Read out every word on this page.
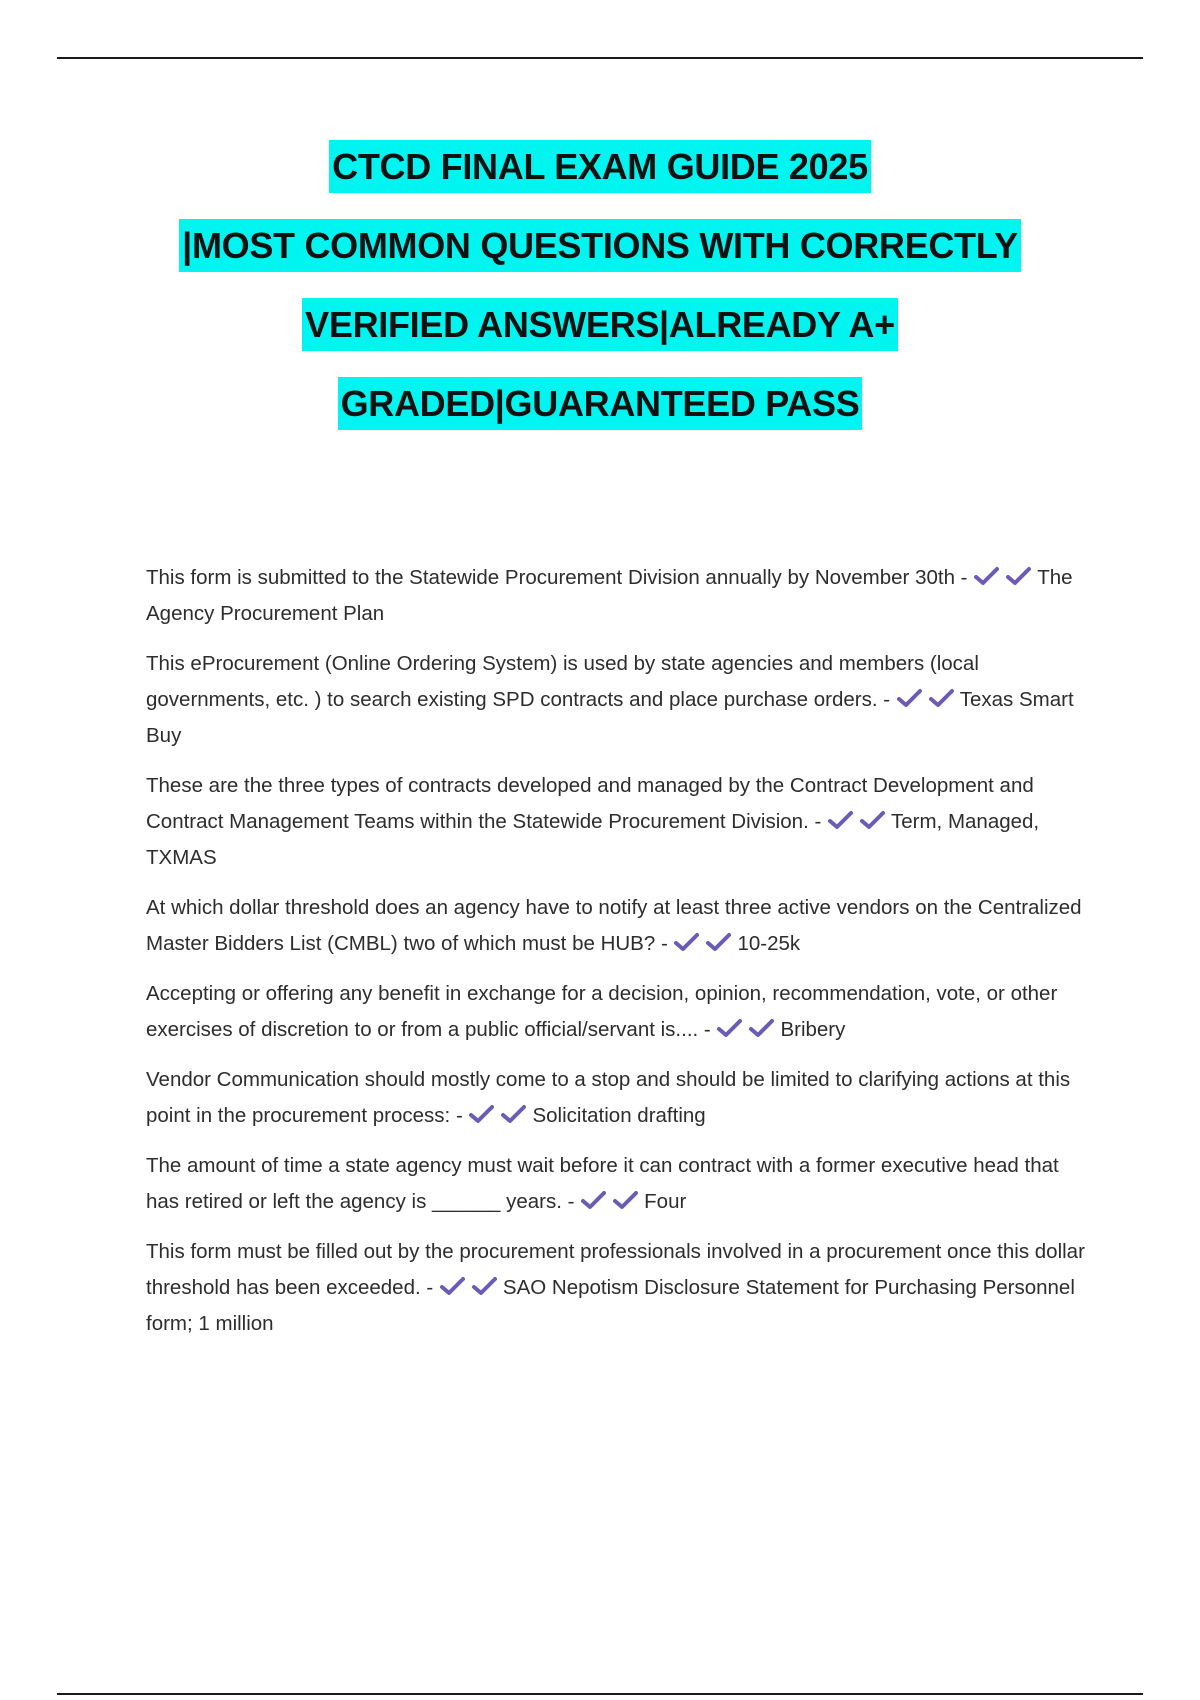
CTCD FINAL EXAM GUIDE 2025
|MOST COMMON QUESTIONS WITH CORRECTLY
VERIFIED ANSWERS|ALREADY A+
GRADED|GUARANTEED PASS

This form is submitted to the Statewide Procurement Division annually by November 30th -	The Agency Procurement Plan

This eProcurement (Online Ordering System) is used by state agencies and members (local governments, etc. ) to search existing SPD contracts and place purchase orders. -	Texas Smart Buy

These are the three types of contracts developed and managed by the Contract Development and Contract Management Teams within the Statewide Procurement Division. -	Term, Managed, TXMAS

At which dollar threshold does an agency have to notify at least three active vendors on the Centralized Master Bidders List (CMBL) two of which must be HUB? -	10-25k

Accepting or offering any benefit in exchange for a decision, opinion, recommendation, vote, or other exercises of discretion to or from a public official/servant is.... -	Bribery

Vendor Communication should mostly come to a stop and should be limited to clarifying actions at this point in the procurement process: -	Solicitation drafting

The amount of time a state agency must wait before it can contract with a former executive head that has retired or left the agency is ______ years. -	Four

This form must be filled out by the procurement professionals involved in a procurement once this dollar threshold has been exceeded. -	SAO Nepotism Disclosure Statement for Purchasing Personnel form; 1 million
